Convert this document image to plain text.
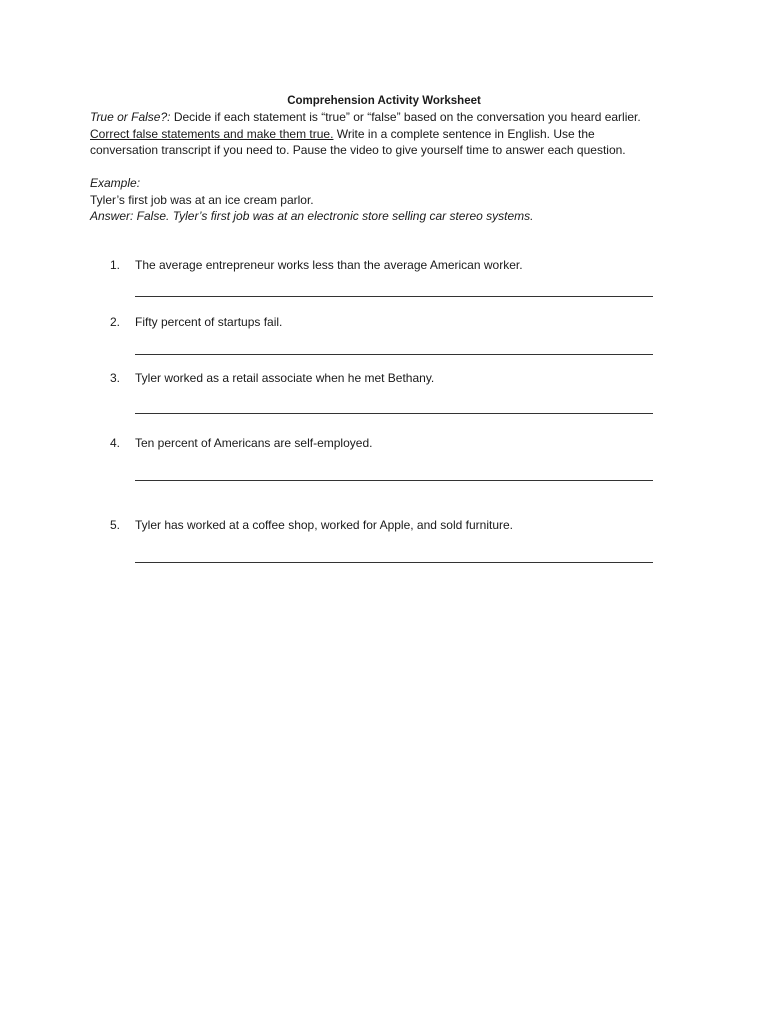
Comprehension Activity Worksheet
True or False?: Decide if each statement is “true” or “false” based on the conversation you heard earlier.
Correct false statements and make them true. Write in a complete sentence in English. Use the
conversation transcript if you need to. Pause the video to give yourself time to answer each question.
Example:
Tyler’s first job was at an ice cream parlor.
Answer: False. Tyler’s first job was at an electronic store selling car stereo systems.
1. The average entrepreneur works less than the average American worker.
2. Fifty percent of startups fail.
3. Tyler worked as a retail associate when he met Bethany.
4. Ten percent of Americans are self-employed.
5. Tyler has worked at a coffee shop, worked for Apple, and sold furniture.
